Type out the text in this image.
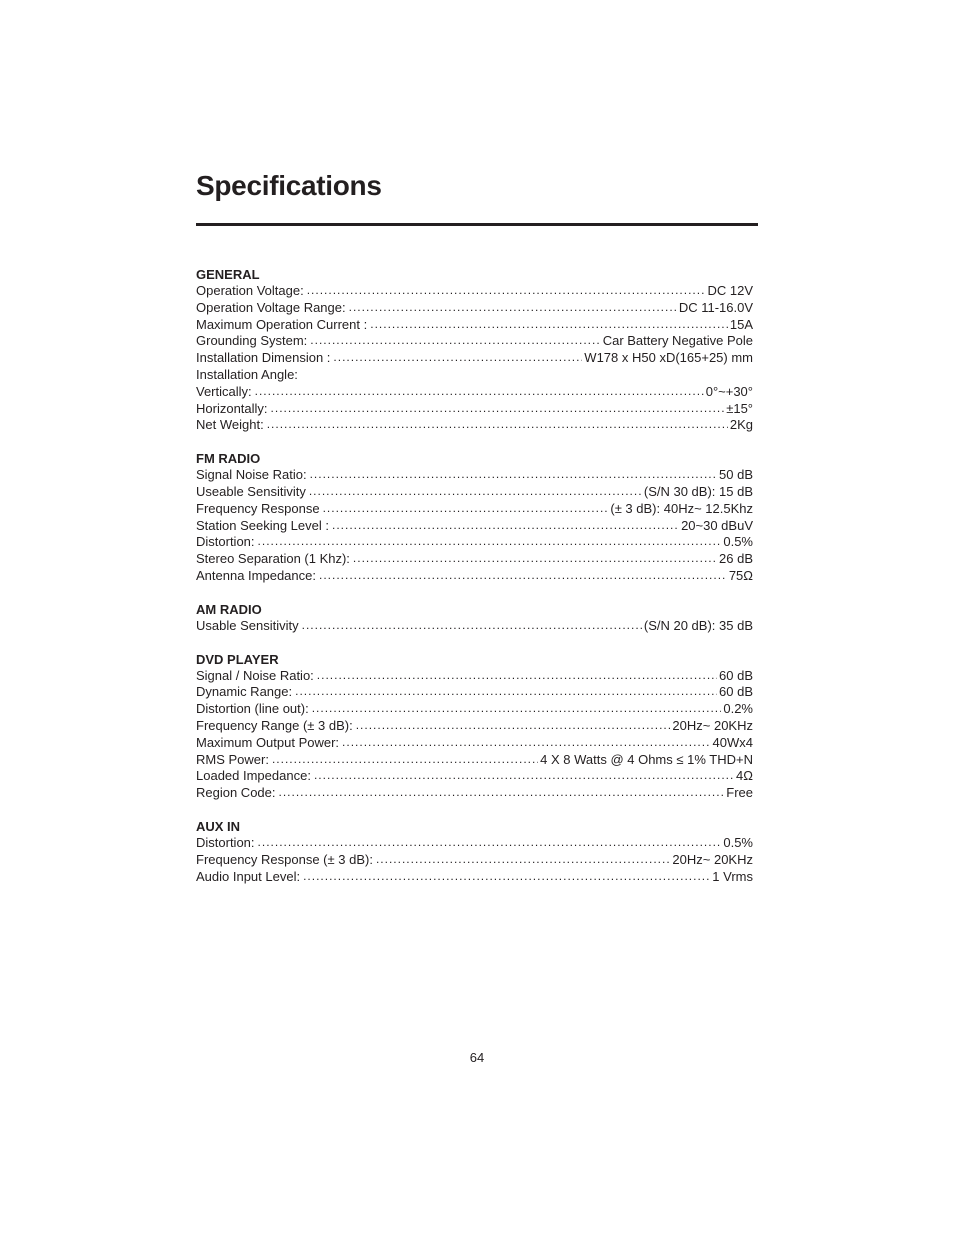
Specifications
GENERAL
Operation Voltage: .....	DC 12V
Operation Voltage Range: .....	DC 11-16.0V
Maximum Operation Current : .....	15A
Grounding System: .....	Car Battery Negative Pole
Installation Dimension : .....	W178 x H50 xD(165+25) mm
Installation Angle:
Vertically: .....	0°~+30°
Horizontally: .....	±15°
Net Weight: .....	2Kg
FM RADIO
Signal Noise Ratio: .....	50 dB
Useable Sensitivity .....	(S/N 30 dB): 15 dB
Frequency Response .....	(± 3 dB): 40Hz~ 12.5Khz
Station Seeking Level : .....	20~30 dBuV
Distortion: .....	0.5%
Stereo Separation (1 Khz): .....	26 dB
Antenna Impedance: .....	75Ω
AM RADIO
Usable Sensitivity .....	(S/N 20 dB): 35 dB
DVD PLAYER
Signal / Noise Ratio: .....	60 dB
Dynamic Range: .....	60 dB
Distortion (line out): .....	0.2%
Frequency Range (± 3 dB): .....	20Hz~ 20KHz
Maximum Output Power: .....	40Wx4
RMS Power: .....	4 X 8 Watts @ 4 Ohms ≤ 1% THD+N
Loaded Impedance: .....	4Ω
Region Code: .....	Free
AUX IN
Distortion: .....	0.5%
Frequency Response (± 3 dB): .....	20Hz~ 20KHz
Audio Input Level: .....	1 Vrms
64
